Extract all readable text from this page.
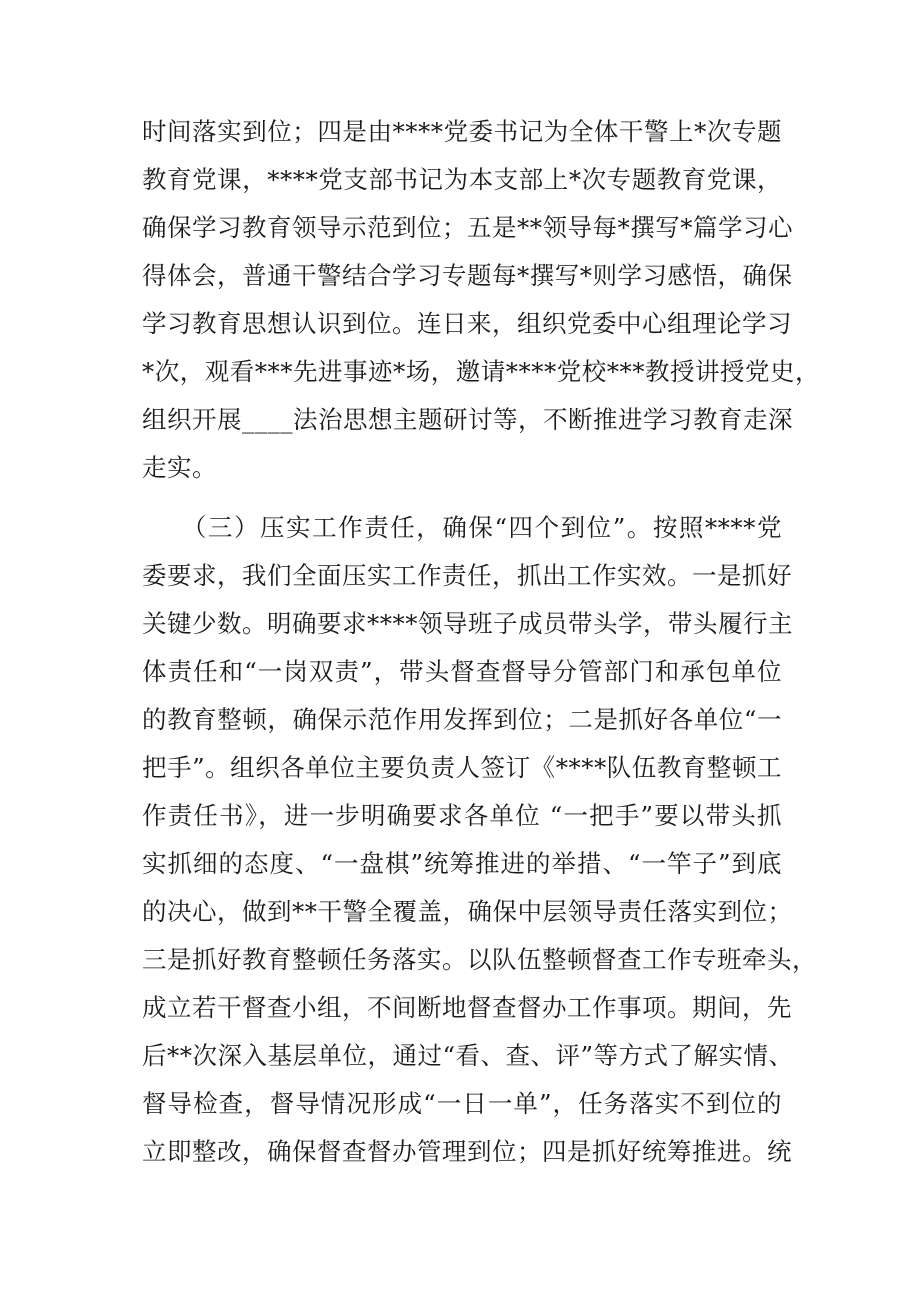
时间落实到位；四是由****党委书记为全体干警上*次专题
教育党课，****党支部书记为本支部上*次专题教育党课，
确保学习教育领导示范到位；五是**领导每*撰写*篇学习心
得体会，普通干警结合学习专题每*撰写*则学习感悟，确保
学习教育思想认识到位。连日来，组织党委中心组理论学习
*次，观看***先进事迹*场，邀请****党校***教授讲授党史，
组织开展____法治思想主题研讨等，不断推进学习教育走深
走实。
　　（三）压实工作责任，确保“四个到位”。按照****党
委要求，我们全面压实工作责任，抓出工作实效。一是抓好
关键少数。明确要求****领导班子成员带头学，带头履行主
体责任和“一岗双责”，带头督查督导分管部门和承包单位
的教育整顿，确保示范作用发挥到位；二是抓好各单位“一
把手”。组织各单位主要负责人签订《****队伍教育整顿工
作责任书》，进一步明确要求各单位 “一把手”要以带头抓
实抓细的态度、“一盘棋”统筹推进的举措、“一竿子”到底
的决心，做到**干警全覆盖，确保中层领导责任落实到位；
三是抓好教育整顿任务落实。以队伍整顿督查工作专班牵头，
成立若干督查小组，不间断地督查督办工作事项。期间，先
后**次深入基层单位，通过“看、查、评”等方式了解实情、
督导检查，督导情况形成“一日一单”，任务落实不到位的
立即整改，确保督查督办管理到位；四是抓好统筹推进。统
